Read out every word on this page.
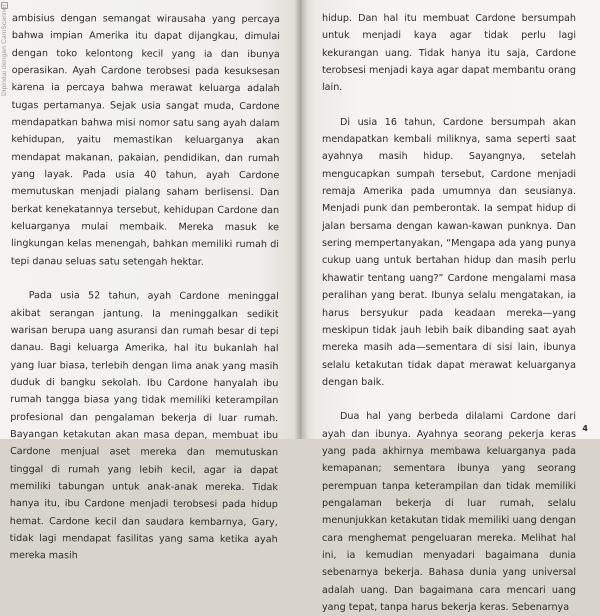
Dipindai dengan CamScanner ambisius dengan semangat wirausaha yang percaya bahwa impian Amerika itu dapat dijangkau, dimulai dengan toko kelontong kecil yang ia dan ibunya operasikan. Ayah Cardone terobsesi pada kesuksesan karena ia percaya bahwa merawat keluarga adalah tugas pertamanya. Sejak usia sangat muda, Cardone mendapatkan bahwa misi nomor satu sang ayah dalam kehidupan, yaitu memastikan keluarganya akan mendapat makanan, pakaian, pendidikan, dan rumah yang layak. Pada usia 40 tahun, ayah Cardone memutuskan menjadi pialang saham berlisensi. Dan berkat kenekatannya tersebut, kehidupan Cardone dan keluarganya mulai membaik. Mereka masuk ke lingkungan kelas menengah, bahkan memiliki rumah di tepi danau seluas satu setengah hektar.

Pada usia 52 tahun, ayah Cardone meninggal akibat serangan jantung. Ia meninggalkan sedikit warisan berupa uang asuransi dan rumah besar di tepi danau. Bagi keluarga Amerika, hal itu bukanlah hal yang luar biasa, terlebih dengan lima anak yang masih duduk di bangku sekolah. Ibu Cardone hanyalah ibu rumah tangga biasa yang tidak memiliki keterampilan profesional dan pengalaman bekerja di luar rumah. Bayangan ketakutan akan masa depan, membuat ibu Cardone menjual aset mereka dan memutuskan tinggal di rumah yang lebih kecil, agar ia dapat memiliki tabungan untuk anak-anak mereka. Tidak hanya itu, ibu Cardone menjadi terobsesi pada hidup hemat. Cardone kecil dan saudara kembarnya, Gary, tidak lagi mendapat fasilitas yang sama ketika ayah mereka masih

hidup. Dan hal itu membuat Cardone bersumpah untuk menjadi kaya agar tidak perlu lagi kekurangan uang. Tidak hanya itu saja, Cardone terobsesi menjadi kaya agar dapat membantu orang lain.

Di usia 16 tahun, Cardone bersumpah akan mendapatkan kembali miliknya, sama seperti saat ayahnya masih hidup. Sayangnya, setelah mengucapkan sumpah tersebut, Cardone menjadi remaja Amerika pada umumnya dan seusianya. Menjadi punk dan pemberontak. Ia sempat hidup di jalan bersama dengan kawan-kawan punknya. Dan sering mempertanyakan, “Mengapa ada yang punya cukup uang untuk bertahan hidup dan masih perlu khawatir tentang uang?” Cardone mengalami masa peralihan yang berat. Ibunya selalu mengatakan, ia harus bersyukur pada keadaan mereka—yang meskipun tidak jauh lebih baik dibanding saat ayah mereka masih ada—sementara di sisi lain, ibunya selalu ketakutan tidak dapat merawat keluarganya dengan baik.

Dua hal yang berbeda dilalami Cardone dari ayah dan ibunya. Ayahnya seorang pekerja keras yang pada akhirnya membawa keluarganya pada kemapanan; sementara ibunya yang seorang perempuan tanpa keterampilan dan tidak memiliki pengalaman bekerja di luar rumah, selalu menunjukkan ketakutan tidak memiliki uang dengan cara menghemat pengeluaran mereka. Melihat hal ini, ia kemudian menyadari bagaimana dunia sebenarnya bekerja. Bahasa dunia yang universal adalah uang. Dan bagaimana cara mencari uang yang tepat, tanpa harus bekerja keras. Sebenarnya

4
